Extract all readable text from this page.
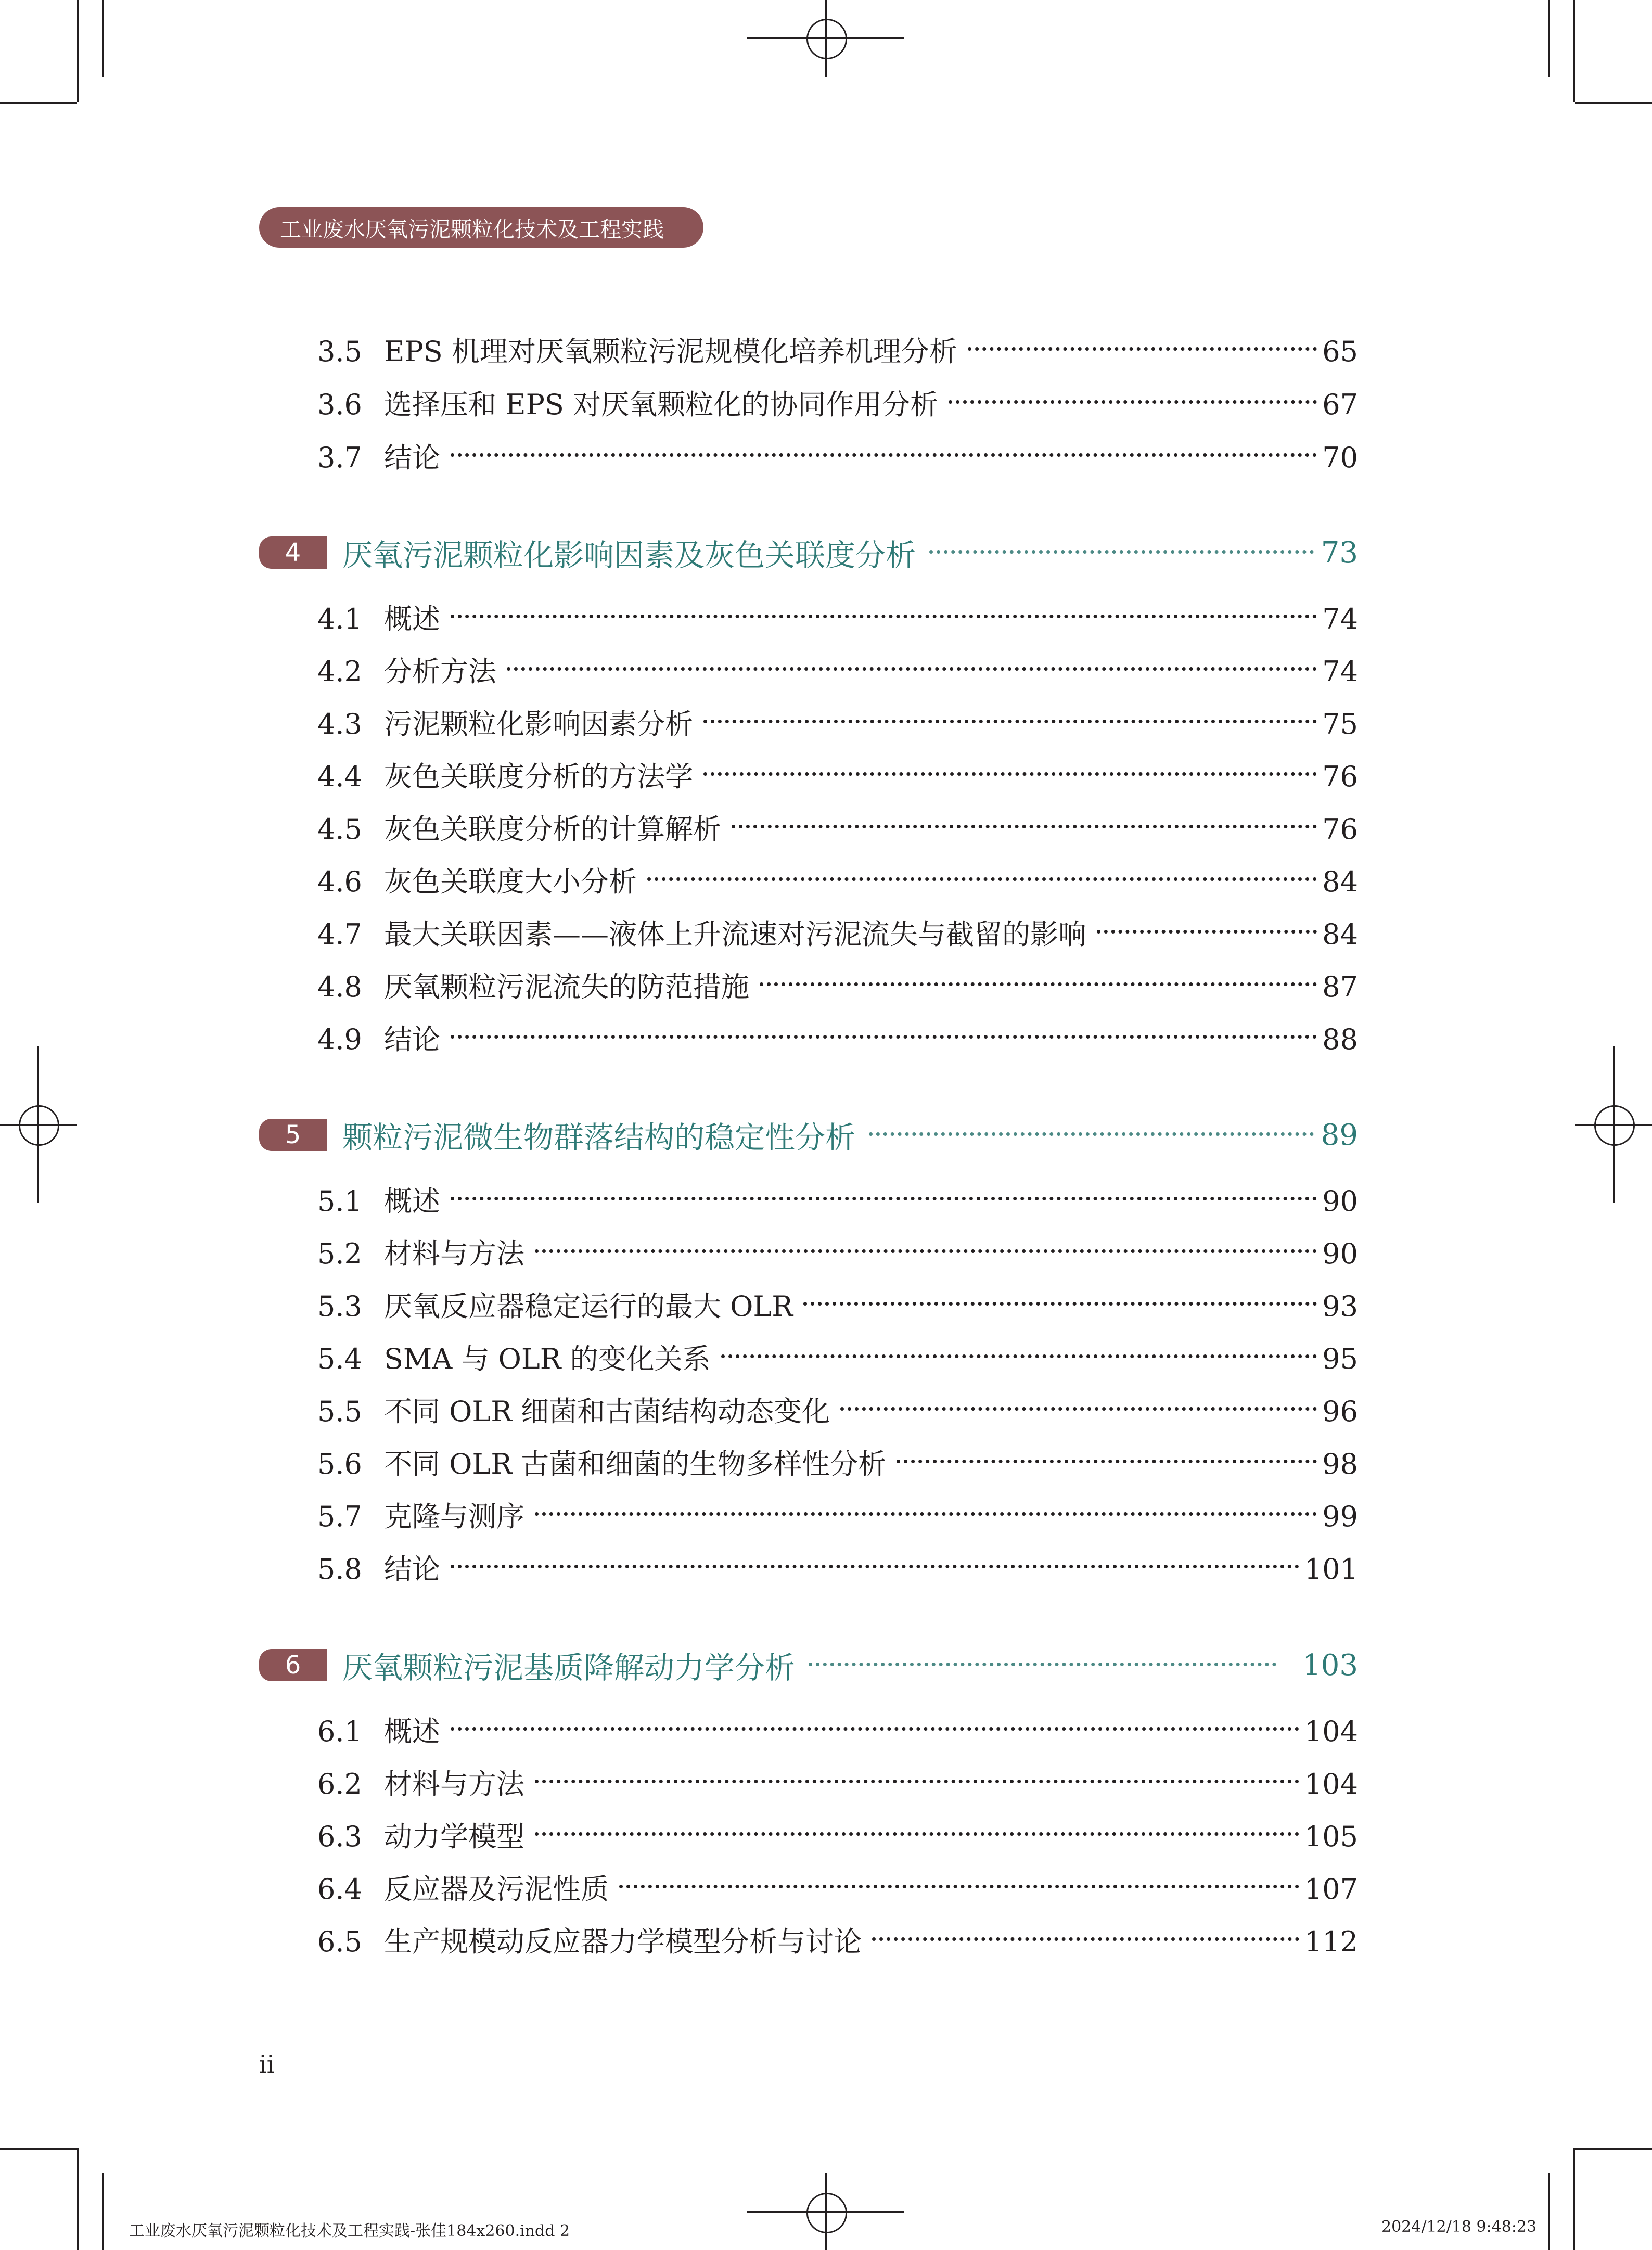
工业废水厌氧污泥颗粒化技术及工程实践
3.5 EPS 机理对厌氧颗粒污泥规模化培养机理分析	65
3.6 选择压和 EPS 对厌氧颗粒化的协同作用分析	67
3.7 结论	70
4	厌氧污泥颗粒化影响因素及灰色关联度分析	73
4.1 概述	74
4.2 分析方法	74
4.3 污泥颗粒化影响因素分析	75
4.4 灰色关联度分析的方法学	76
4.5 灰色关联度分析的计算解析	76
4.6 灰色关联度大小分析	84
4.7 最大关联因素——液体上升流速对污泥流失与截留的影响	84
4.8 厌氧颗粒污泥流失的防范措施	87
4.9 结论	88
5	颗粒污泥微生物群落结构的稳定性分析	89
5.1 概述	90
5.2 材料与方法	90
5.3 厌氧反应器稳定运行的最大 OLR	93
5.4 SMA 与 OLR 的变化关系	95
5.5 不同 OLR 细菌和古菌结构动态变化	96
5.6 不同 OLR 古菌和细菌的生物多样性分析	98
5.7 克隆与测序	99
5.8 结论	101
6	厌氧颗粒污泥基质降解动力学分析	103
6.1 概述	104
6.2 材料与方法	104
6.3 动力学模型	105
6.4 反应器及污泥性质	107
6.5 生产规模动反应器力学模型分析与讨论	112
ii
工业废水厌氧污泥颗粒化技术及工程实践-张佳184x260.indd 2	2024/12/18 9:48:23
